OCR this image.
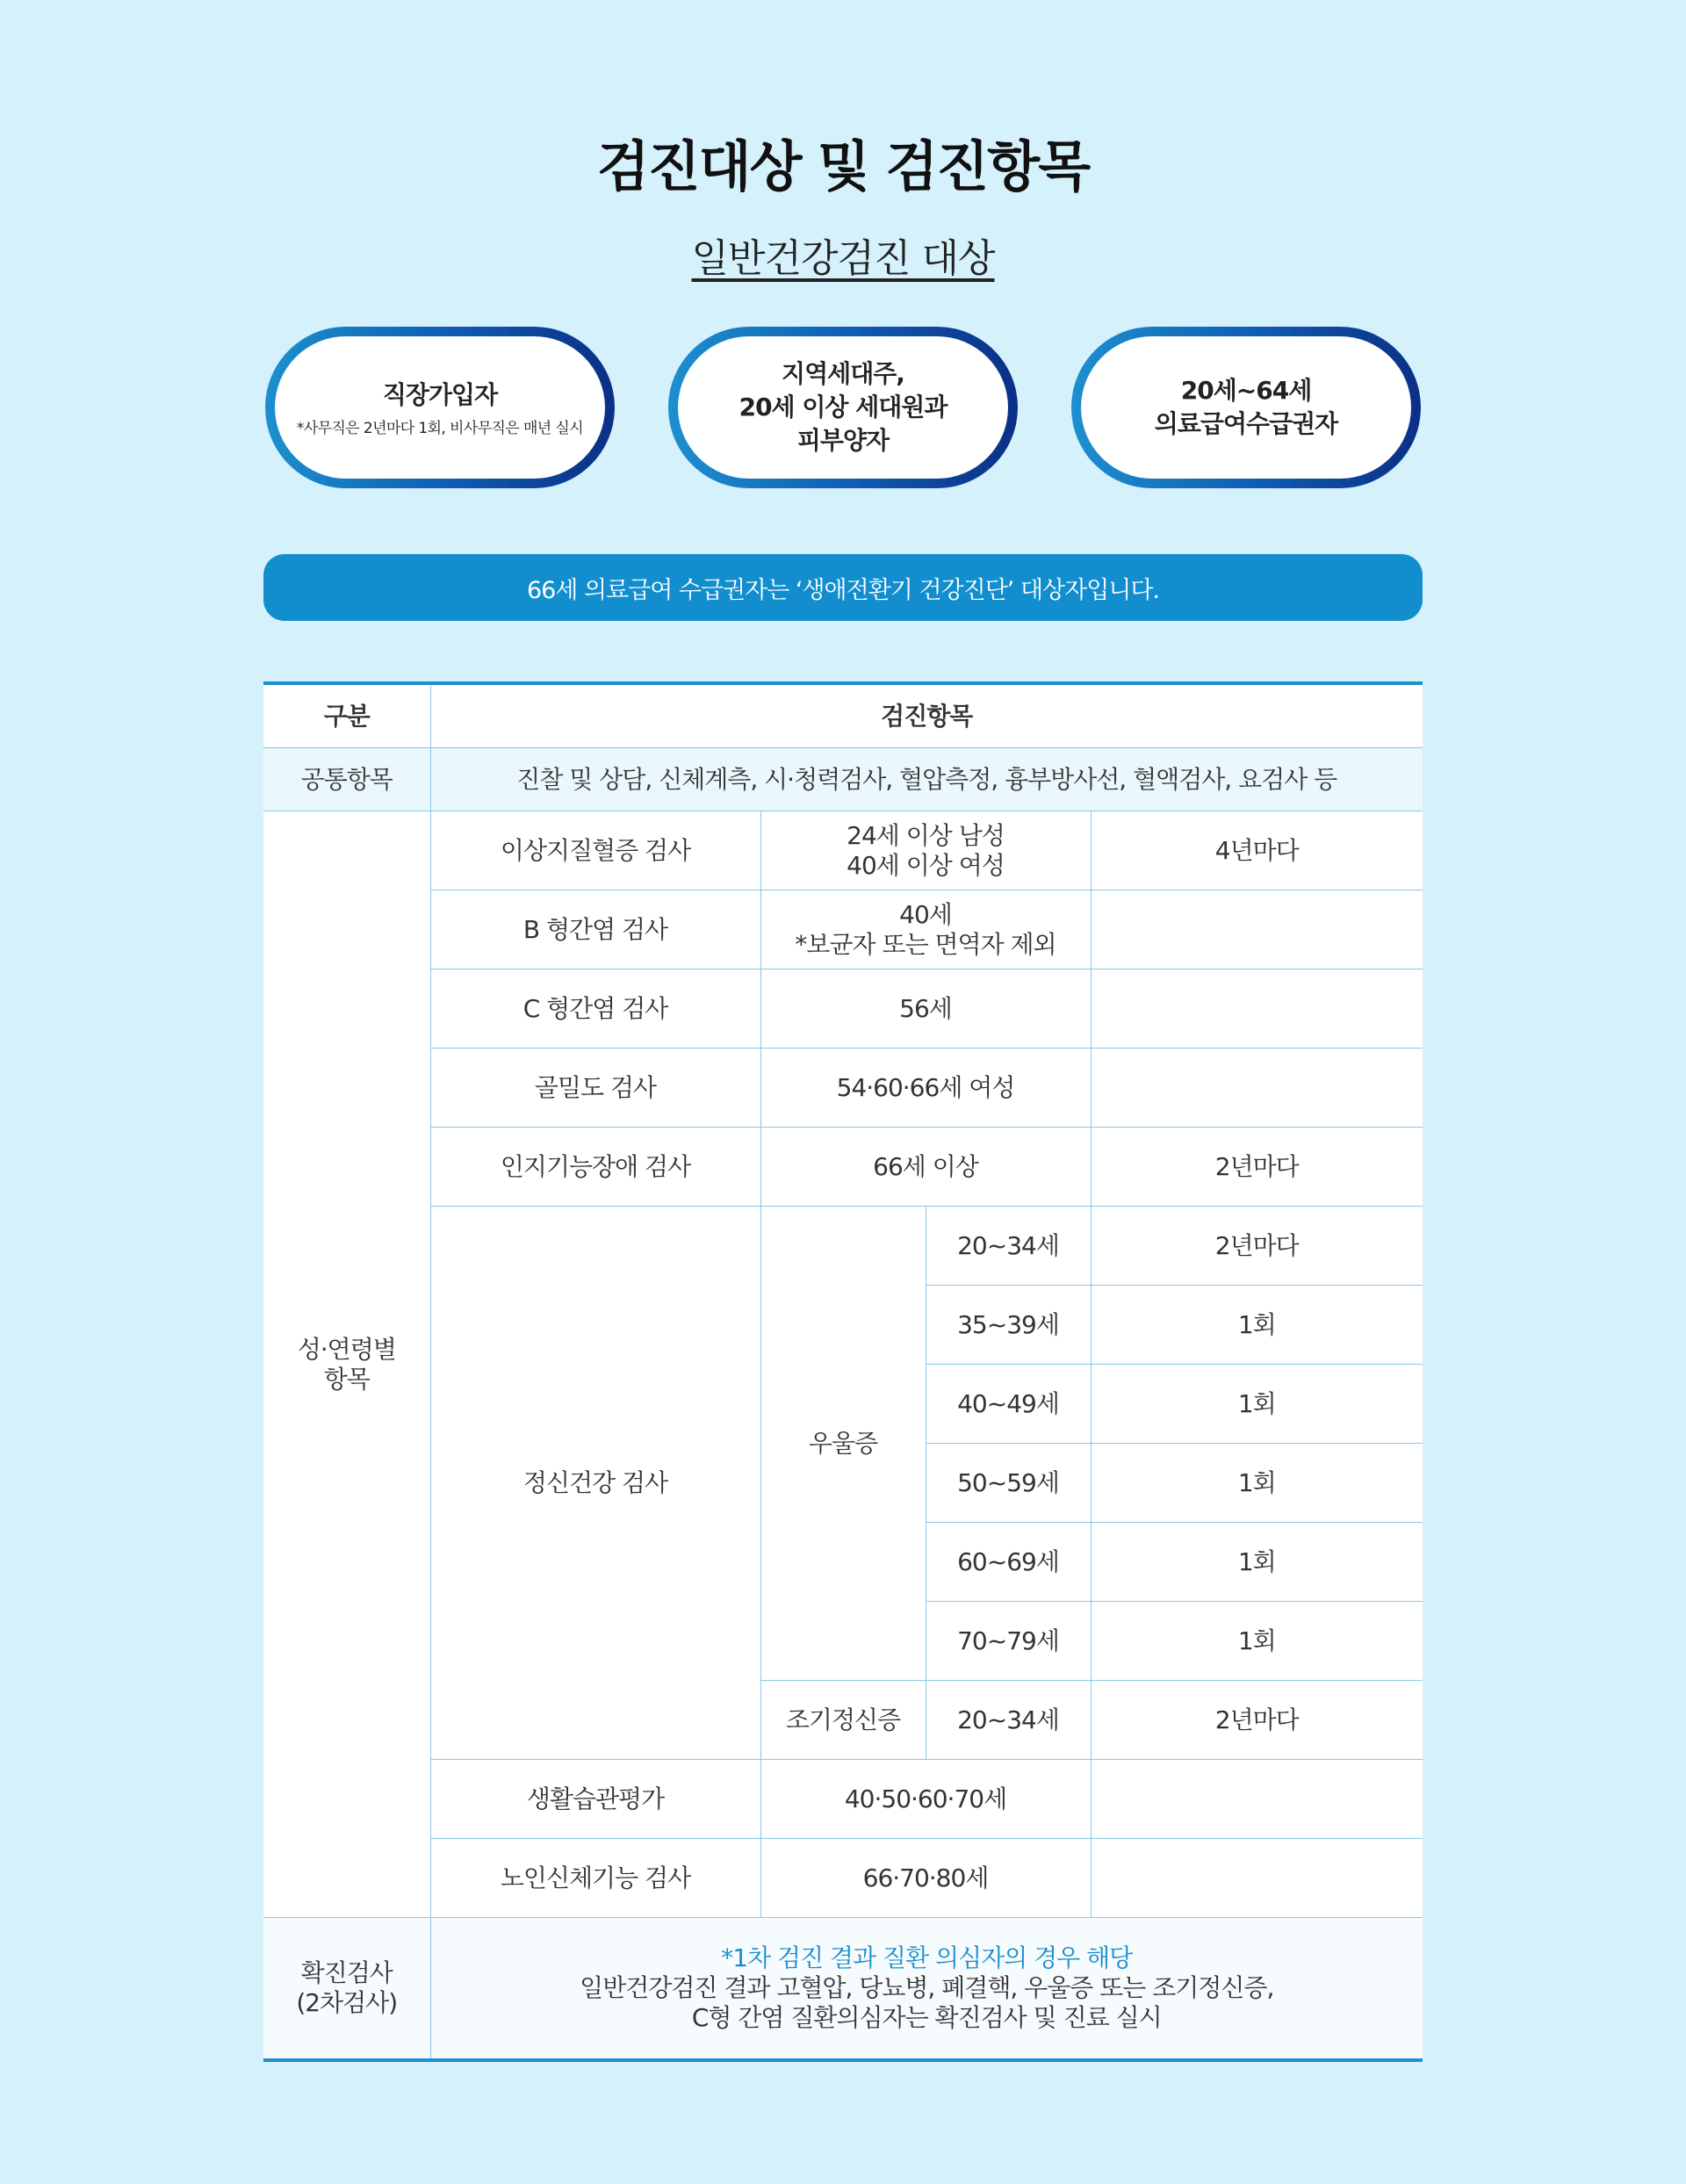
검진대상 및 검진항목
일반건강검진 대상
직장가입자
*사무직은 2년마다 1회, 비사무직은 매년 실시
지역세대주,
20세 이상 세대원과
피부양자
20세~64세
의료급여수급권자
66세 의료급여 수급권자는 ‘생애전환기 건강진단’ 대상자입니다.
구분	검진항목			
공통항목	진찰 및 상담, 신체계측, 시·청력검사, 혈압측정, 흉부방사선, 혈액검사, 요검사 등			
성·연령별
항목	이상지질혈증 검사	24세 이상 남성
40세 이상 여성		4년마다
	B 형간염 검사	40세
*보균자 또는 면역자 제외		
	C 형간염 검사	56세		
	골밀도 검사	54·60·66세 여성		
	인지기능장애 검사	66세 이상		2년마다
	정신건강 검사	우울증	20~34세	2년마다
			35~39세	1회
			40~49세	1회
			50~59세	1회
			60~69세	1회
			70~79세	1회
		조기정신증	20~34세	2년마다
	생활습관평가	40·50·60·70세		
	노인신체기능 검사	66·70·80세		
확진검사
(2차검사)	*1차 검진 결과 질환 의심자의 경우 해당
일반건강검진 결과 고혈압, 당뇨병, 폐결핵, 우울증 또는 조기정신증,
C형 간염 질환의심자는 확진검사 및 진료 실시			
